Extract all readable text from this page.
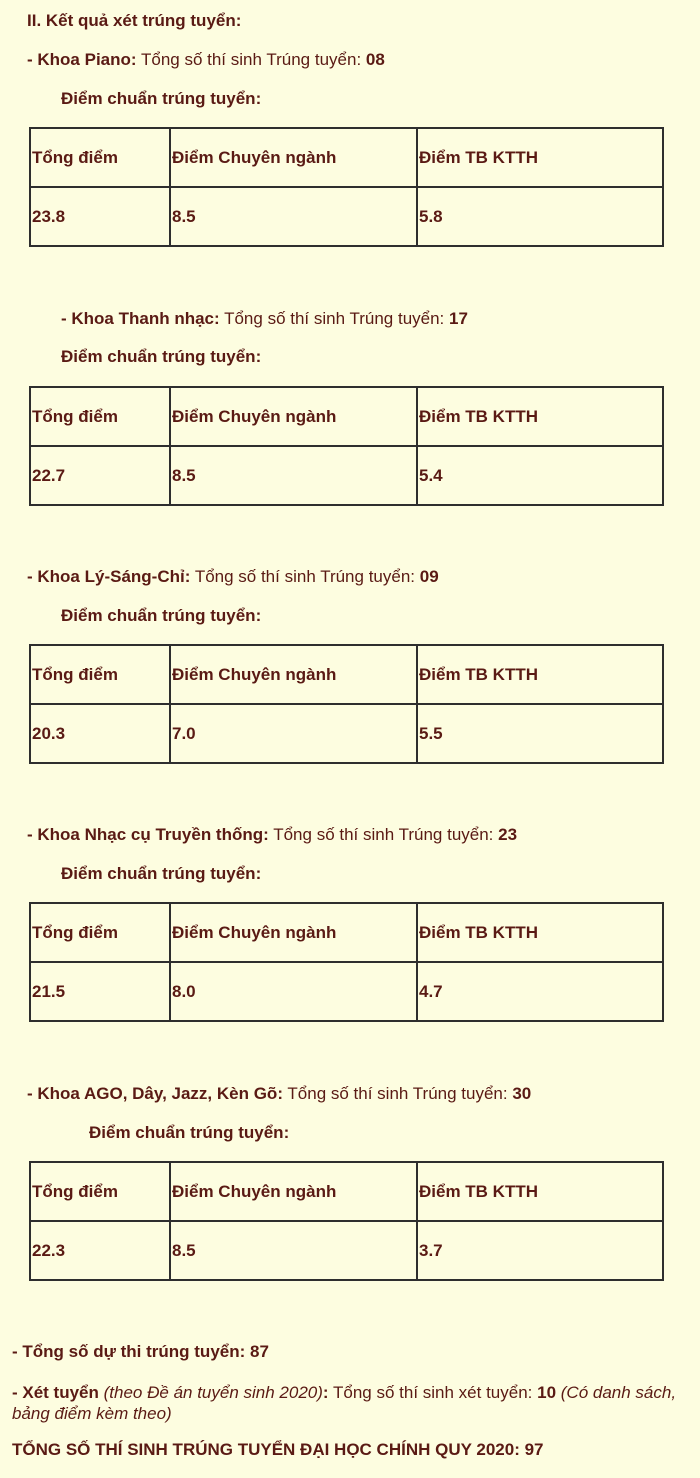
II. Kết quả xét trúng tuyển:
- Khoa Piano: Tổng số thí sinh Trúng tuyển: 08
Điểm chuẩn trúng tuyển:
Tổng điểm	Điểm Chuyên ngành	Điểm TB KTTH
23.8	8.5	5.8
- Khoa Thanh nhạc: Tổng số thí sinh Trúng tuyển: 17
Điểm chuẩn trúng tuyển:
Tổng điểm	Điểm Chuyên ngành	Điểm TB KTTH
22.7	8.5	5.4
- Khoa Lý-Sáng-Chỉ: Tổng số thí sinh Trúng tuyển: 09
Điểm chuẩn trúng tuyển:
Tổng điểm	Điểm Chuyên ngành	Điểm TB KTTH
20.3	7.0	5.5
- Khoa Nhạc cụ Truyền thống: Tổng số thí sinh Trúng tuyển: 23
Điểm chuẩn trúng tuyển:
Tổng điểm	Điểm Chuyên ngành	Điểm TB KTTH
21.5	8.0	4.7
- Khoa AGO, Dây, Jazz, Kèn Gõ: Tổng số thí sinh Trúng tuyển: 30
Điểm chuẩn trúng tuyển:
Tổng điểm	Điểm Chuyên ngành	Điểm TB KTTH
22.3	8.5	3.7
- Tổng số dự thi trúng tuyển: 87
- Xét tuyển (theo Đề án tuyển sinh 2020): Tổng số thí sinh xét tuyển: 10 (Có danh sách, bảng điểm kèm theo)
TỔNG SỐ THÍ SINH TRÚNG TUYỂN ĐẠI HỌC CHÍNH QUY 2020: 97
